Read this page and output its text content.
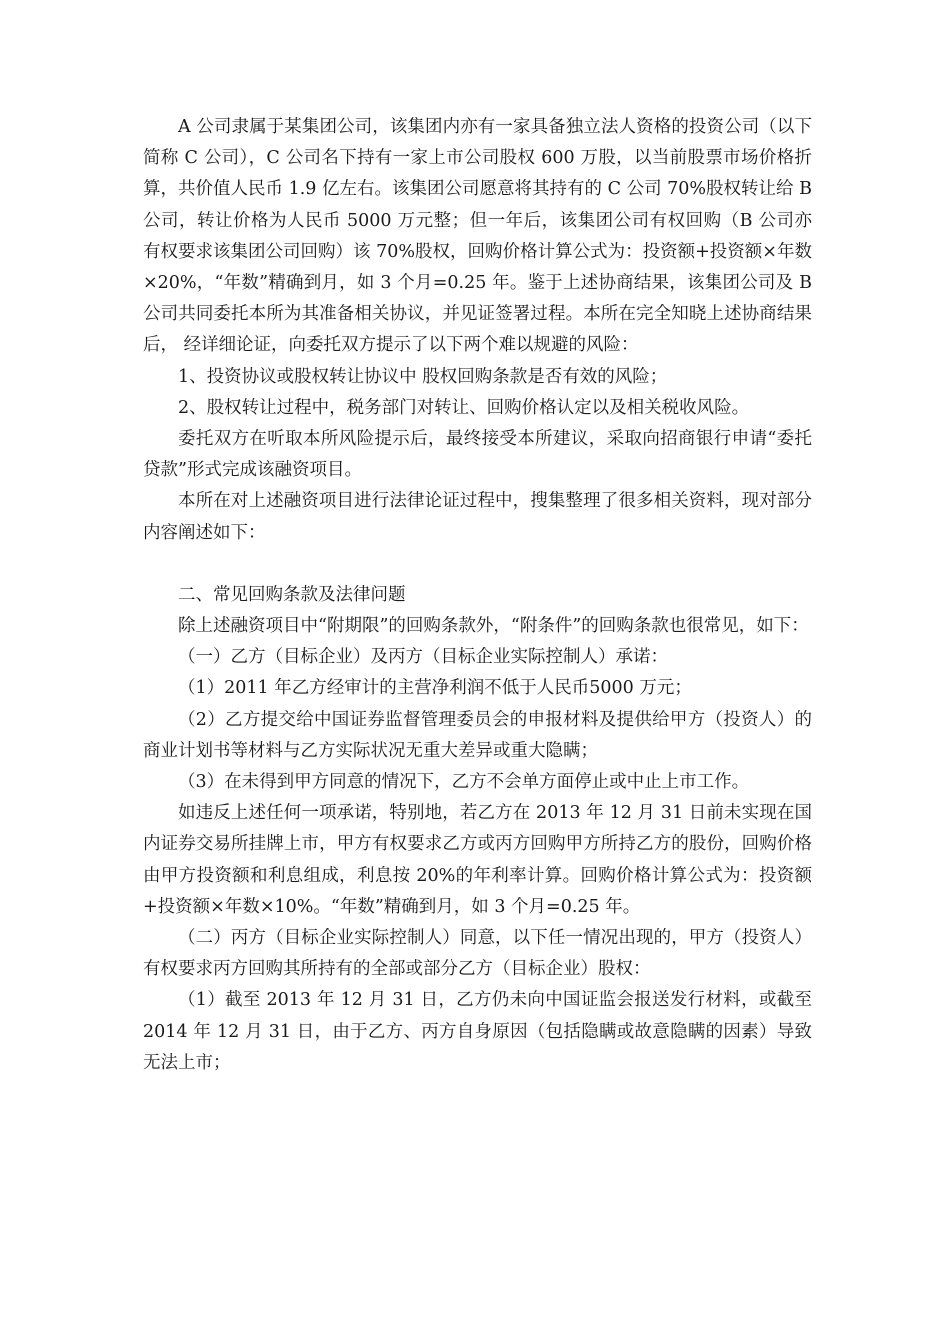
A 公司隶属于某集团公司，该集团内亦有一家具备独立法人资格的投资公司（以下简称 C 公司），C 公司名下持有一家上市公司股权 600 万股，以当前股票市场价格折算，共价值人民币 1.9 亿左右。该集团公司愿意将其持有的 C 公司 70%股权转让给 B 公司，转让价格为人民币 5000 万元整；但一年后，该集团公司有权回购（B 公司亦有权要求该集团公司回购）该 70%股权，回购价格计算公式为：投资额+投资额×年数×20%，“年数”精确到月，如 3 个月=0.25 年。鉴于上述协商结果，该集团公司及 B 公司共同委托本所为其准备相关协议，并见证签署过程。本所在完全知晓上述协商结果后， 经详细论证，向委托双方提示了以下两个难以规避的风险：

1、投资协议或股权转让协议中 股权回购条款是否有效的风险；

2、股权转让过程中，税务部门对转让、回购价格认定以及相关税收风险。

委托双方在听取本所风险提示后，最终接受本所建议，采取向招商银行申请“委托贷款”形式完成该融资项目。

本所在对上述融资项目进行法律论证过程中，搜集整理了很多相关资料，现对部分内容阐述如下：

二、常见回购条款及法律问题

除上述融资项目中“附期限”的回购条款外，“附条件”的回购条款也很常见，如下：

（一）乙方（目标企业）及丙方（目标企业实际控制人）承诺：

（1）2011 年乙方经审计的主营净利润不低于人民币5000 万元；

（2）乙方提交给中国证券监督管理委员会的申报材料及提供给甲方（投资人）的商业计划书等材料与乙方实际状况无重大差异或重大隐瞒；

（3）在未得到甲方同意的情况下，乙方不会单方面停止或中止上市工作。

如违反上述任何一项承诺，特别地，若乙方在 2013 年 12 月 31 日前未实现在国内证券交易所挂牌上市，甲方有权要求乙方或丙方回购甲方所持乙方的股份，回购价格由甲方投资额和利息组成，利息按 20%的年利率计算。回购价格计算公式为：投资额+投资额×年数×10%。“年数”精确到月，如 3 个月=0.25 年。

（二）丙方（目标企业实际控制人）同意，以下任一情况出现的，甲方（投资人）有权要求丙方回购其所持有的全部或部分乙方（目标企业）股权：

（1）截至 2013 年 12 月 31 日，乙方仍未向中国证监会报送发行材料，或截至 2014 年 12 月 31 日，由于乙方、丙方自身原因（包括隐瞒或故意隐瞒的因素）导致无法上市；
